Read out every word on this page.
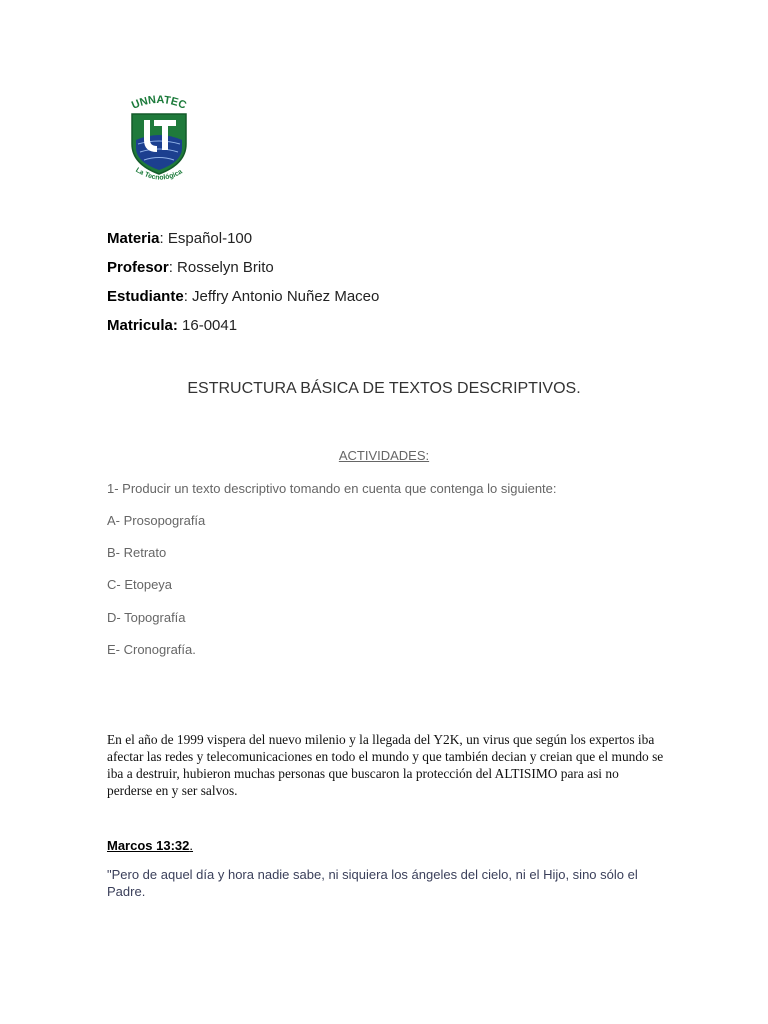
UNNATEC
La Tecnológica
Materia: Español-100
Profesor: Rosselyn Brito
Estudiante: Jeffry Antonio Nuñez Maceo
Matricula: 16-0041
ESTRUCTURA BÁSICA DE TEXTOS DESCRIPTIVOS.
ACTIVIDADES:
1- Producir un texto descriptivo tomando en cuenta que contenga lo siguiente:
A- Prosopografía
B- Retrato
C- Etopeya
D- Topografía
E- Cronografía.
En el año de 1999 vispera del nuevo milenio y la llegada del Y2K, un virus que según los expertos iba afectar las redes y telecomunicaciones en todo el mundo y que también decian y creian que el mundo se iba a destruir, hubieron muchas personas que buscaron la protección del ALTISIMO para asi no perderse en y ser salvos.
Marcos 13:32.
"Pero de aquel día y hora nadie sabe, ni siquiera los ángeles del cielo, ni el Hijo, sino sólo el Padre.
